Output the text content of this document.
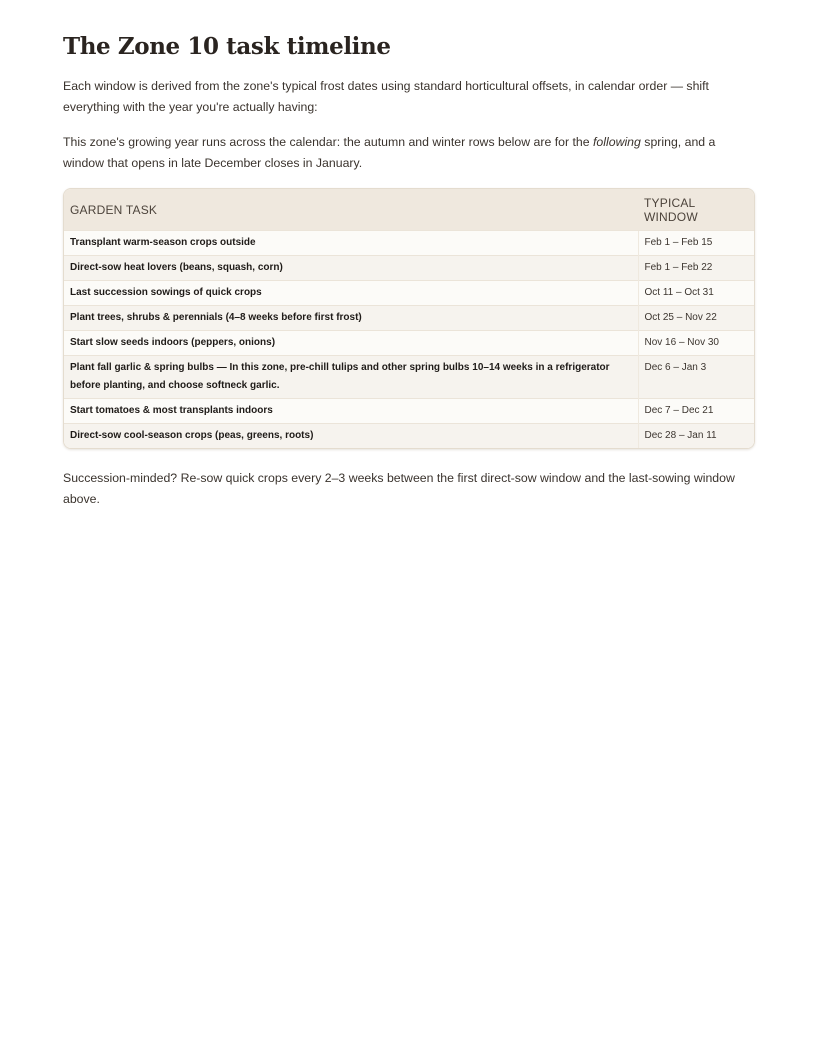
The Zone 10 task timeline

Each window is derived from the zone's typical frost dates using standard horticultural offsets, in calendar order — shift everything with the year you're actually having:

This zone's growing year runs across the calendar: the autumn and winter rows below are for the following spring, and a window that opens in late December closes in January.

GARDEN TASK	TYPICAL WINDOW
Transplant warm-season crops outside	Feb 1 – Feb 15
Direct-sow heat lovers (beans, squash, corn)	Feb 1 – Feb 22
Last succession sowings of quick crops	Oct 11 – Oct 31
Plant trees, shrubs & perennials (4–8 weeks before first frost)	Oct 25 – Nov 22
Start slow seeds indoors (peppers, onions)	Nov 16 – Nov 30
Plant fall garlic & spring bulbs — In this zone, pre-chill tulips and other spring bulbs 10–14 weeks in a refrigerator before planting, and choose softneck garlic.	Dec 6 – Jan 3
Start tomatoes & most transplants indoors	Dec 7 – Dec 21
Direct-sow cool-season crops (peas, greens, roots)	Dec 28 – Jan 11

Succession-minded? Re-sow quick crops every 2–3 weeks between the first direct-sow window and the last-sowing window above.
